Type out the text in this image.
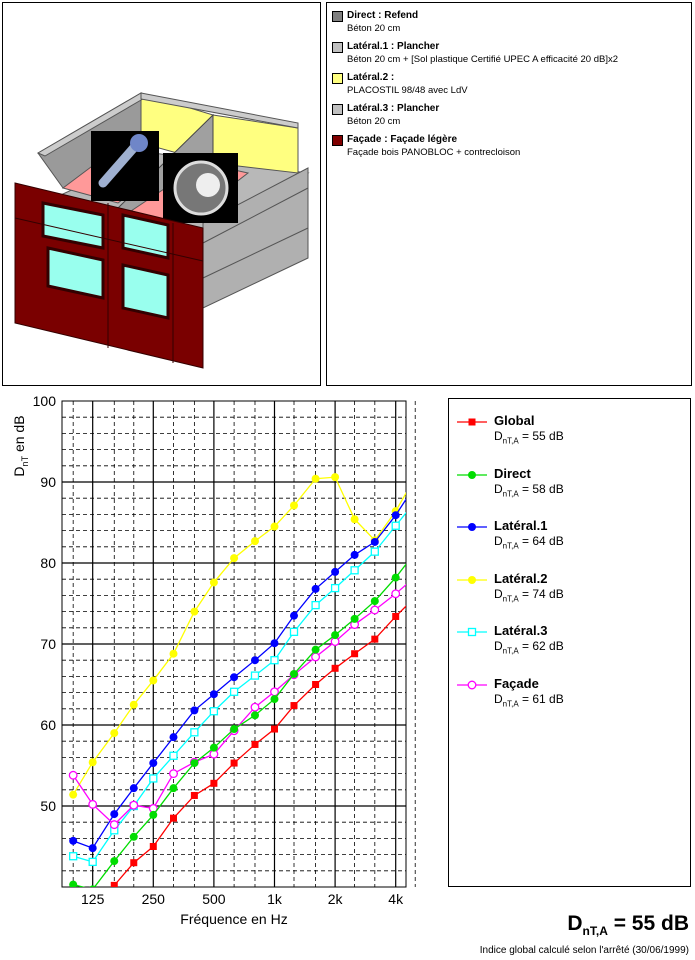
Direct : Refend
Béton 20 cm
Latéral.1 : Plancher
Béton 20 cm + [Sol plastique Certifié UPEC A efficacité 20 dB]x2
Latéral.2 :
PLACOSTIL 98/48 avec LdV
Latéral.3 : Plancher
Béton 20 cm
Façade : Façade légère
Façade bois PANOBLOC + contrecloison
50
60
70
80
90
100
125	250	500	1k	2k	4k
Fréquence en Hz
$D_{nT}$ en dB	Global
$D_{nT,A} = 55$ dB
Direct
$D_{nT,A} = 58$ dB
Latéral.1
$D_{nT,A} = 64$ dB
Latéral.2
$D_{nT,A} = 74$ dB
Latéral.3
$D_{nT,A} = 62$ dB
Façade
$D_{nT,A} = 61$ dB
$D_{nT,A} = 55$ dB
Indice global calculé selon l'arrêté (30/06/1999)
